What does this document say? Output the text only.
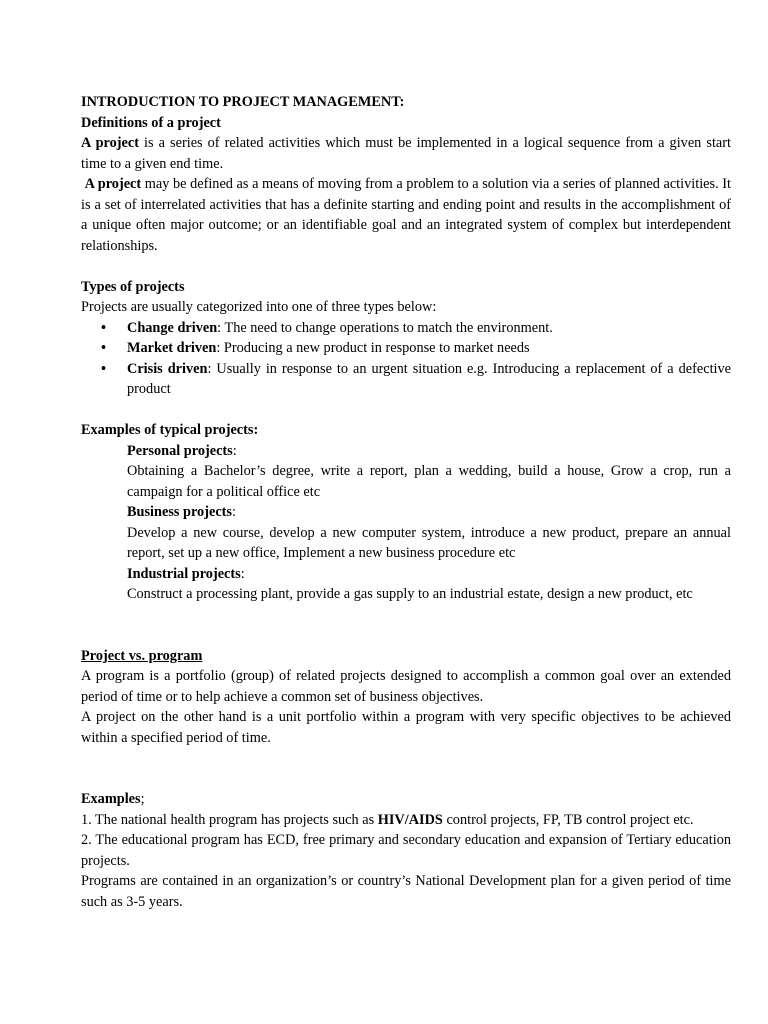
INTRODUCTION TO PROJECT MANAGEMENT:

Definitions of a project

A project is a series of related activities which must be implemented in a logical sequence from a given start time to a given end time.

A project may be defined as a means of moving from a problem to a solution via a series of planned activities. It is a set of interrelated activities that has a definite starting and ending point and results in the accomplishment of a unique often major outcome; or an identifiable goal and an integrated system of complex but interdependent relationships.

Types of projects

Projects are usually categorized into one of three types below:

• Change driven: The need to change operations to match the environment.
• Market driven: Producing a new product in response to market needs
• Crisis driven: Usually in response to an urgent situation e.g. Introducing a replacement of a defective product

Examples of typical projects:

Personal projects:

Obtaining a Bachelor’s degree, write a report, plan a wedding, build a house, Grow a crop, run a campaign for a political office etc

Business projects:

Develop a new course, develop a new computer system, introduce a new product, prepare an annual report, set up a new office, Implement a new business procedure etc

Industrial projects:

Construct a processing plant, provide a gas supply to an industrial estate, design a new product, etc

Project vs. program

A program is a portfolio (group) of related projects designed to accomplish a common goal over an extended period of time or to help achieve a common set of business objectives.

A project on the other hand is a unit portfolio within a program with very specific objectives to be achieved within a specified period of time.

Examples;

1. The national health program has projects such as HIV/AIDS control projects, FP, TB control project etc.

2. The educational program has ECD, free primary and secondary education and expansion of Tertiary education projects.

Programs are contained in an organization’s or country’s National Development plan for a given period of time such as 3-5 years.
